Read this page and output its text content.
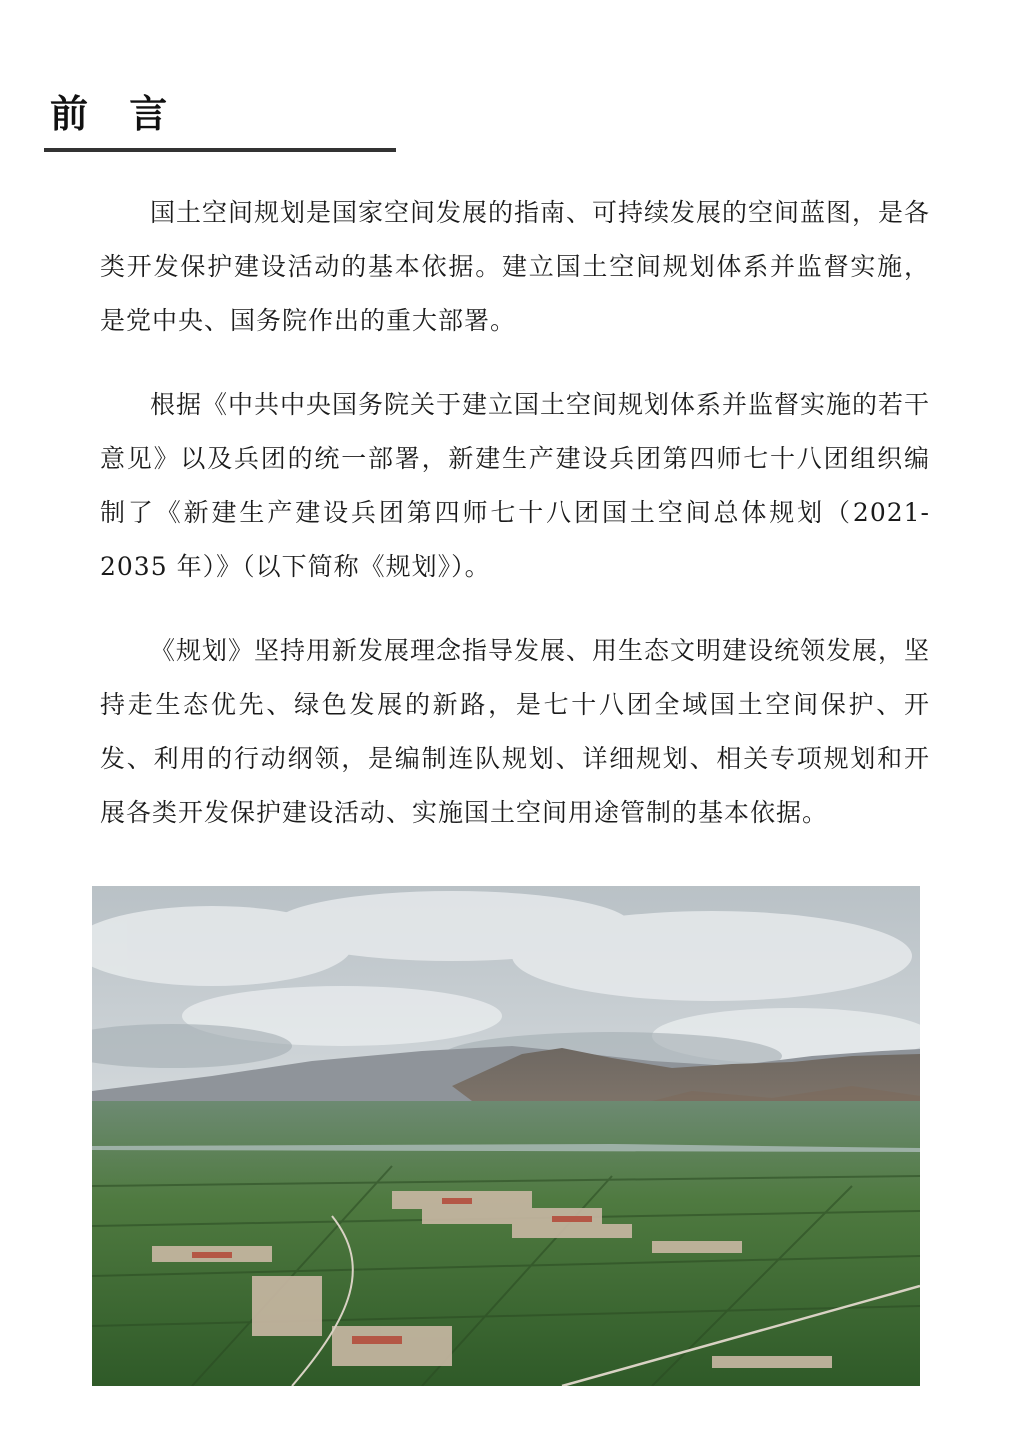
前 言

国土空间规划是国家空间发展的指南、可持续发展的空间蓝图，是各类开发保护建设活动的基本依据。建立国土空间规划体系并监督实施，是党中央、国务院作出的重大部署。

根据《中共中央国务院关于建立国土空间规划体系并监督实施的若干意见》以及兵团的统一部署，新建生产建设兵团第四师七十八团组织编制了《新建生产建设兵团第四师七十八团国土空间总体规划（2021-2035 年）》（以下简称《规划》）。

《规划》坚持用新发展理念指导发展、用生态文明建设统领发展，坚持走生态优先、绿色发展的新路，是七十八团全域国土空间保护、开发、利用的行动纲领，是编制连队规划、详细规划、相关专项规划和开展各类开发保护建设活动、实施国土空间用途管制的基本依据。
